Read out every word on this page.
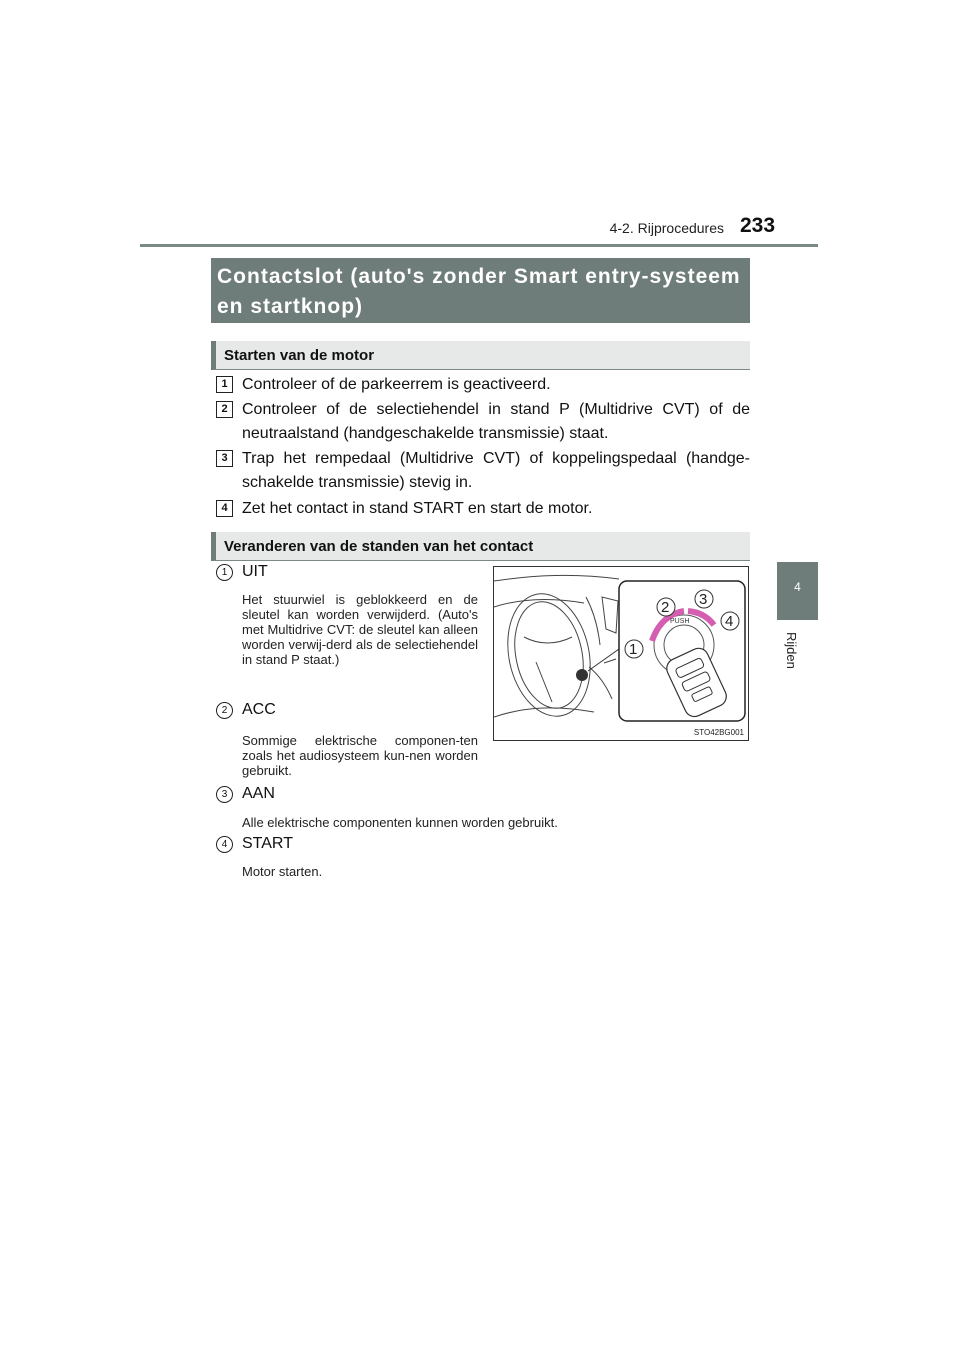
4-2. Rijprocedures 233
4
Rijden
Contactslot (auto's zonder Smart entry-systeem en startknop)
Starten van de motor
1 Controleer of de parkeerrem is geactiveerd.
2 Controleer of de selectiehendel in stand P (Multidrive CVT) of de neutraalstand (handgeschakelde transmissie) staat.
3 Trap het rempedaal (Multidrive CVT) of koppelingspedaal (handge-schakelde transmissie) stevig in.
4 Zet het contact in stand START en start de motor.
Veranderen van de standen van het contact
1 UIT
Het stuurwiel is geblokkeerd en de sleutel kan worden verwijderd. (Auto's met Multidrive CVT: de sleutel kan alleen worden verwij-derd als de selectiehendel in stand P staat.)
2 ACC
Sommige elektrische componen-ten zoals het audiosysteem kun-nen worden gebruikt.
3 AAN
Alle elektrische componenten kunnen worden gebruikt.
4 START
Motor starten.
PUSH
1
2 3
4
STO42BG001
